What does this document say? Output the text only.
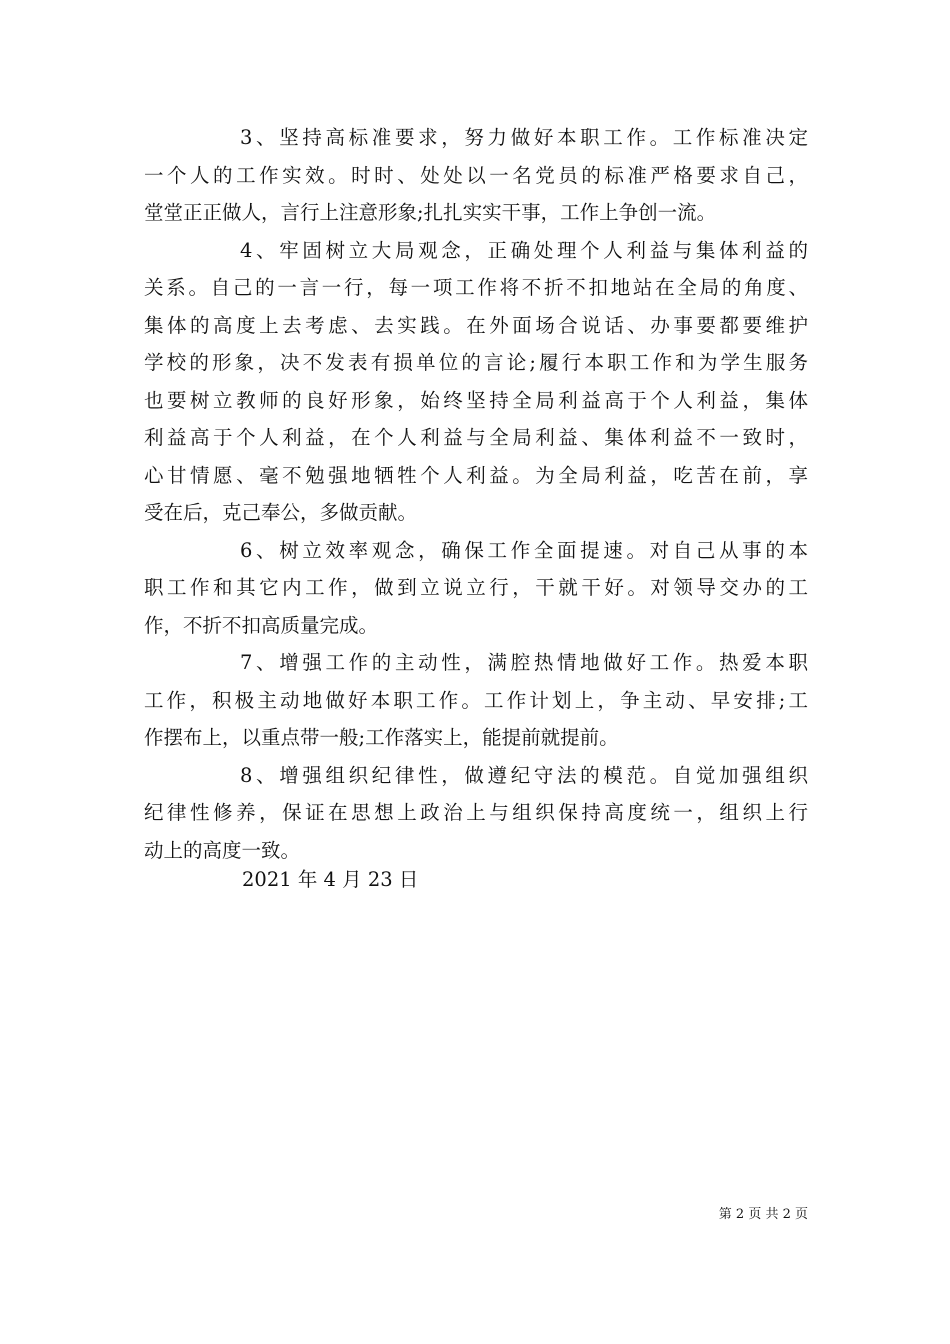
3、坚持高标准要求，努力做好本职工作。工作标准决定
一个人的工作实效。时时、处处以一名党员的标准严格要求自己，
堂堂正正做人，言行上注意形象;扎扎实实干事，工作上争创一流。
4、牢固树立大局观念，正确处理个人利益与集体利益的
关系。自己的一言一行，每一项工作将不折不扣地站在全局的角度、
集体的高度上去考虑、去实践。在外面场合说话、办事要都要维护
学校的形象，决不发表有损单位的言论;履行本职工作和为学生服务
也要树立教师的良好形象，始终坚持全局利益高于个人利益，集体
利益高于个人利益，在个人利益与全局利益、集体利益不一致时，
心甘情愿、毫不勉强地牺牲个人利益。为全局利益，吃苦在前，享
受在后，克己奉公，多做贡献。
6、树立效率观念，确保工作全面提速。对自己从事的本
职工作和其它内工作，做到立说立行，干就干好。对领导交办的工
作，不折不扣高质量完成。
7、增强工作的主动性，满腔热情地做好工作。热爱本职
工作，积极主动地做好本职工作。工作计划上，争主动、早安排;工
作摆布上，以重点带一般;工作落实上，能提前就提前。
8、增强组织纪律性，做遵纪守法的模范。自觉加强组织
纪律性修养，保证在思想上政治上与组织保持高度统一，组织上行
动上的高度一致。
2021 年 4 月 23 日
第 2 页 共 2 页
